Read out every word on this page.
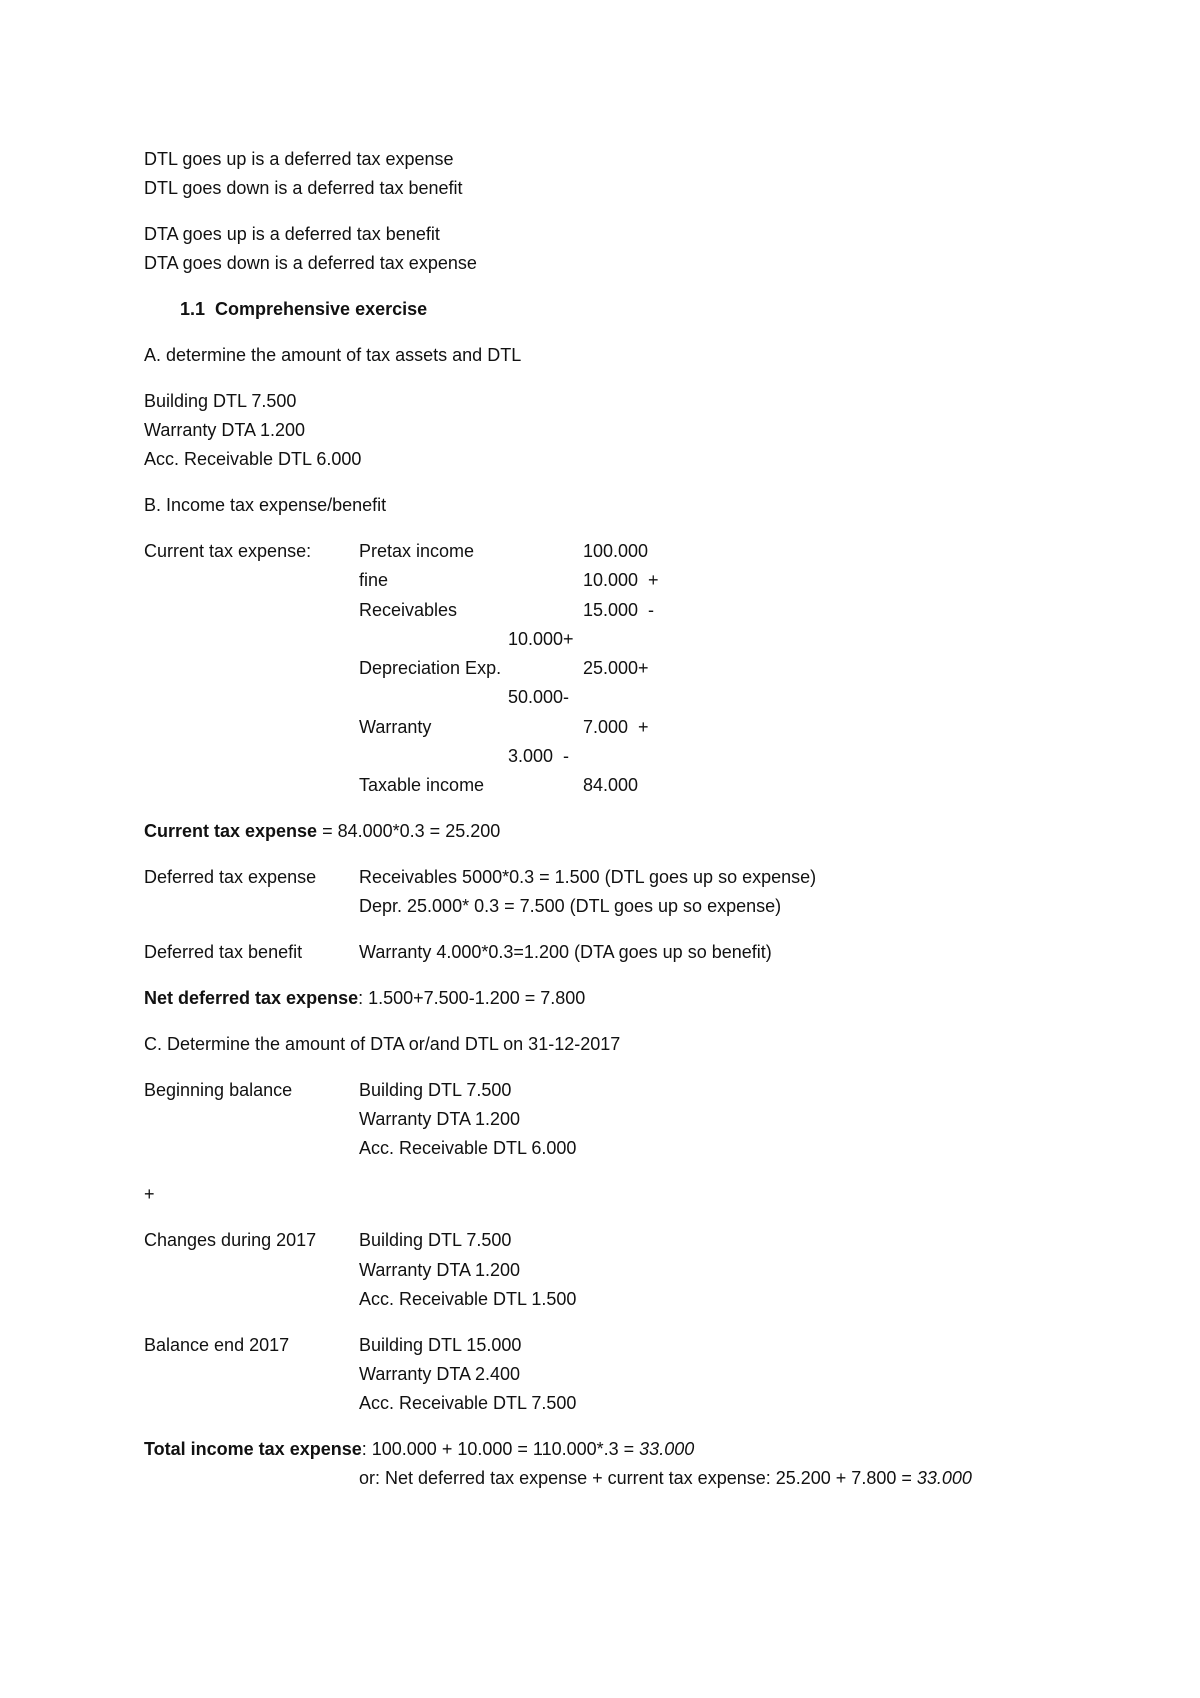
DTL goes up is a deferred tax expense
DTL goes down is a deferred tax benefit
DTA goes up is a deferred tax benefit
DTA goes down is a deferred tax expense
1.1  Comprehensive exercise
A. determine the amount of tax assets and DTL
Building DTL 7.500
Warranty DTA 1.200
Acc. Receivable DTL 6.000
B. Income tax expense/benefit
Current tax expense:	Pretax income	100.000
fine	10.000  +
Receivables	15.000  -
10.000+
Depreciation Exp.	25.000+
50.000-
Warranty	7.000  +
3.000  -
Taxable income	84.000
Current tax expense = 84.000*0.3 = 25.200
Deferred tax expense Receivables 5000*0.3 = 1.500 (DTL goes up so expense)
Depr. 25.000* 0.3 = 7.500 (DTL goes up so expense)
Deferred tax benefit	Warranty 4.000*0.3=1.200 (DTA goes up so benefit)
Net deferred tax expense: 1.500+7.500-1.200 = 7.800
C. Determine the amount of DTA or/and DTL on 31-12-2017
Beginning balance	Building DTL 7.500
Warranty DTA 1.200
Acc. Receivable DTL 6.000
+
Changes during 2017 Building DTL 7.500
Warranty DTA 1.200
Acc. Receivable DTL 1.500
Balance end 2017	Building DTL 15.000
Warranty DTA 2.400
Acc. Receivable DTL 7.500
Total income tax expense: 100.000 + 10.000 = 110.000*.3 = 33.000
or: Net deferred tax expense + current tax expense: 25.200 + 7.800 = 33.000
